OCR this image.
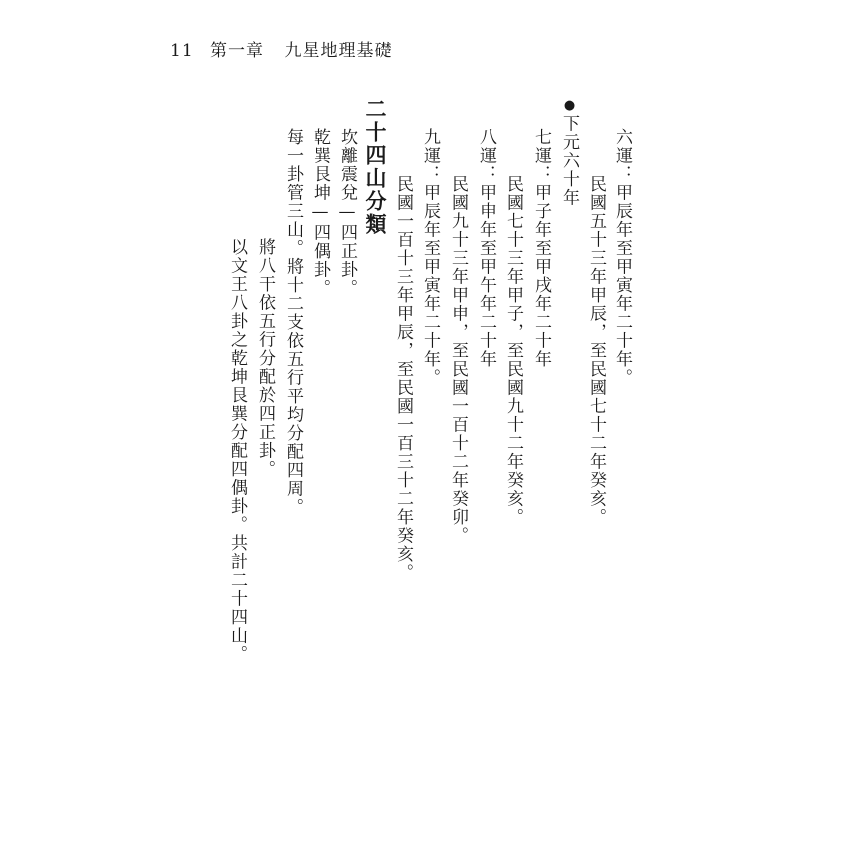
11 第一章 九星地理基礎
六運：甲辰年至甲寅年二十年。
民國五十三年甲辰，至民國七十二年癸亥。
●下元六十年
七運：甲子年至甲戌年二十年
民國七十三年甲子，至民國九十二年癸亥。
八運：甲申年至甲午年二十年
民國九十三年甲申，至民國一百十二年癸卯。
九運：甲辰年至甲寅年二十年。
民國一百十三年甲辰，至民國一百三十二年癸亥。
二十四山分類
坎離震兌—四正卦。
乾巽艮坤—四偶卦。
每一卦管三山。將十二支依五行平均分配四周。
將八干依五行分配於四正卦。
以文王八卦之乾坤艮巽分配四偶卦。共計二十四山。
